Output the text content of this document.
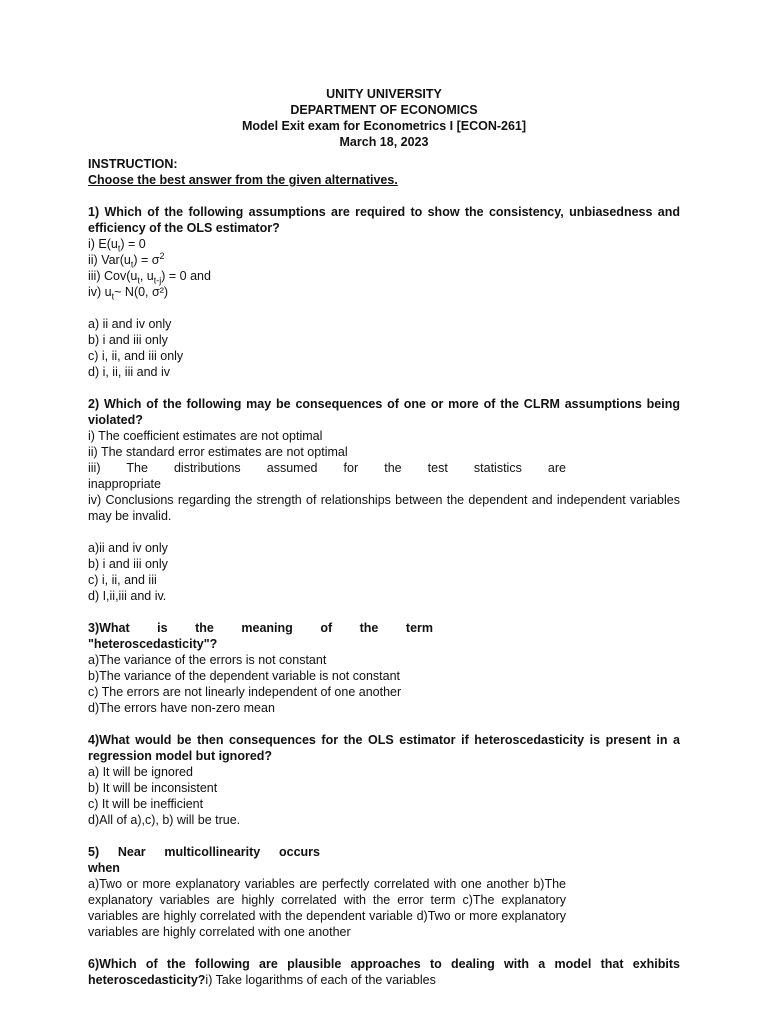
UNITY UNIVERSITY
DEPARTMENT OF ECONOMICS
Model Exit exam for Econometrics I [ECON-261]
March 18, 2023
INSTRUCTION:
Choose the best answer from the given alternatives.
1) Which of the following assumptions are required to show the consistency, unbiasedness and efficiency of the OLS estimator?
i) $E(u_t) = 0$
ii) $Var(u_t) = \sigma^2$
iii) $Cov(u_t$, $u_{t-j}) = 0$ and
iv) $u_t\sim$ N(0, σ²)
a) ii and iv only
b) i and iii only
c) i, ii, and iii only
d) i, ii, iii and iv
2) Which of the following may be consequences of one or more of the CLRM assumptions being violated?
i) The coefficient estimates are not optimal
ii) The standard error estimates are not optimal
iii) The distributions assumed for the test statistics are
inappropriate
iv) Conclusions regarding the strength of relationships between the dependent and independent variables may be invalid.
a)ii and iv only
b) i and iii only
c) i, ii, and iii
d) I,ii,iii and iv.
3)What is the meaning of the term
"heteroscedasticity"?
a)The variance of the errors is not constant
b)The variance of the dependent variable is not constant
c) The errors are not linearly independent of one another
d)The errors have non-zero mean
4)What would be then consequences for the OLS estimator if heteroscedasticity is present in a regression model but ignored?
a) It will be ignored
b) It will be inconsistent
c) It will be inefficient
d)All of a),c), b) will be true.
5) Near multicollinearity occurs
when
a)Two or more explanatory variables are perfectly correlated with one another b)The explanatory variables are highly correlated with the error term c)The explanatory variables are highly correlated with the dependent variable d)Two or more explanatory variables are highly correlated with one another
6)Which of the following are plausible approaches to dealing with a model that exhibits heteroscedasticity?i) Take logarithms of each of the variables
